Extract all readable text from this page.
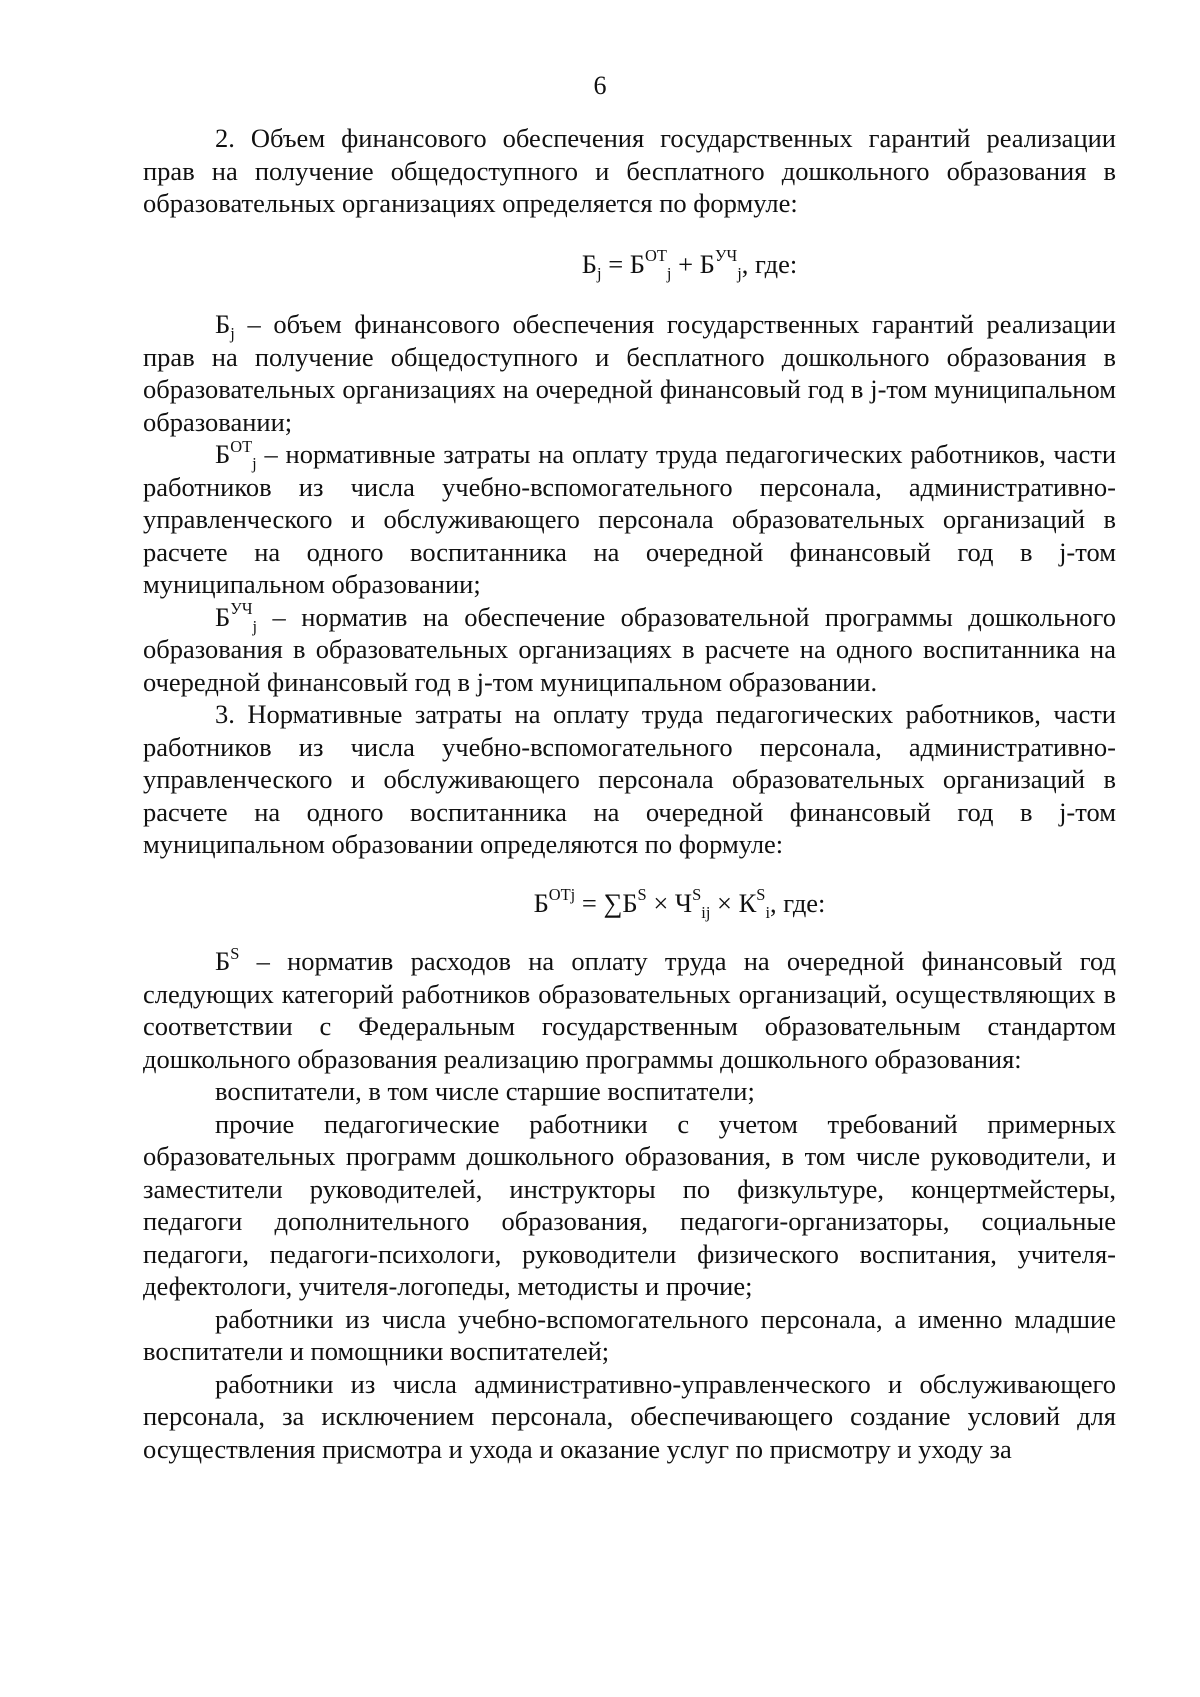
6

2. Объем финансового обеспечения государственных гарантий реализации прав на получение общедоступного и бесплатного дошкольного образования в образовательных организациях определяется по формуле:

$Б_j = Б^{ОТ}_j + Б^{УЧ}_j$, где:

$Б_j$ – объем финансового обеспечения государственных гарантий реализации прав на получение общедоступного и бесплатного дошкольного образования в образовательных организациях на очередной финансовый год в j-том муниципальном образовании;

$Б^{ОТ}_j$ – нормативные затраты на оплату труда педагогических работников, части работников из числа учебно-вспомогательного персонала, административно-управленческого и обслуживающего персонала образовательных организаций в расчете на одного воспитанника на очередной финансовый год в j-том муниципальном образовании;

$Б^{УЧ}_j$ – норматив на обеспечение образовательной программы дошкольного образования в образовательных организациях в расчете на одного воспитанника на очередной финансовый год в j-том муниципальном образовании.

3. Нормативные затраты на оплату труда педагогических работников, части работников из числа учебно-вспомогательного персонала, административно-управленческого и обслуживающего персонала образовательных организаций в расчете на одного воспитанника на очередной финансовый год в j-том муниципальном образовании определяются по формуле:

$Б^{ОТj} = \sum Б^S \times Ч^S_{ij} \times К^S_i$, где:

$Б^S$ – норматив расходов на оплату труда на очередной финансовый год следующих категорий работников образовательных организаций, осуществляющих в соответствии с Федеральным государственным образовательным стандартом дошкольного образования реализацию программы дошкольного образования:

воспитатели, в том числе старшие воспитатели;

прочие педагогические работники с учетом требований примерных образовательных программ дошкольного образования, в том числе руководители, и заместители руководителей, инструкторы по физкультуре, концертмейстеры, педагоги дополнительного образования, педагоги-организаторы, социальные педагоги, педагоги-психологи, руководители физического воспитания, учителя-дефектологи, учителя-логопеды, методисты и прочие;

работники из числа учебно-вспомогательного персонала, а именно младшие воспитатели и помощники воспитателей;

работники из числа административно-управленческого и обслуживающего персонала, за исключением персонала, обеспечивающего создание условий для осуществления присмотра и ухода и оказание услуг по присмотру и уходу за
